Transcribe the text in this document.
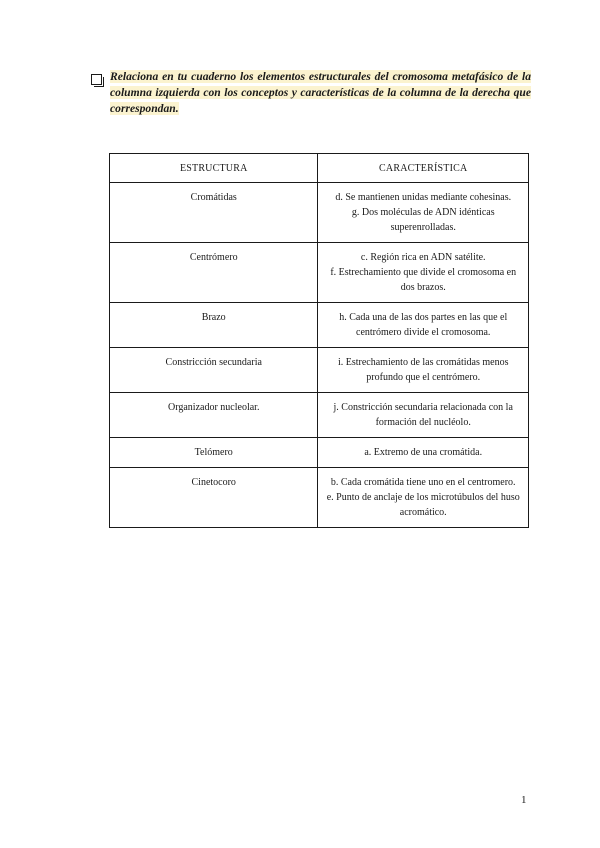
Relaciona en tu cuaderno los elementos estructurales del cromosoma metafásico de la columna izquierda con los conceptos y características de la columna de la derecha que correspondan.
ESTRUCTURA	CARACTERÍSTICA
Cromátidas	d. Se mantienen unidas mediante cohesinas.
g. Dos moléculas de ADN idénticas superenrolladas.

Centrómero	c. Región rica en ADN satélite.
f. Estrechamiento que divide el cromosoma en dos brazos.

Brazo	h. Cada una de las dos partes en las que el centrómero divide el cromosoma.

Constricción secundaria	i. Estrechamiento de las cromátidas menos profundo que el centrómero.

Organizador nucleolar.	j. Constricción secundaria relacionada con la formación del nucléolo.

Telómero	a. Extremo de una cromátida.

Cinetocoro	b. Cada cromátida tiene uno en el centromero.
e. Punto de anclaje de los microtúbulos del huso acromático.
1
